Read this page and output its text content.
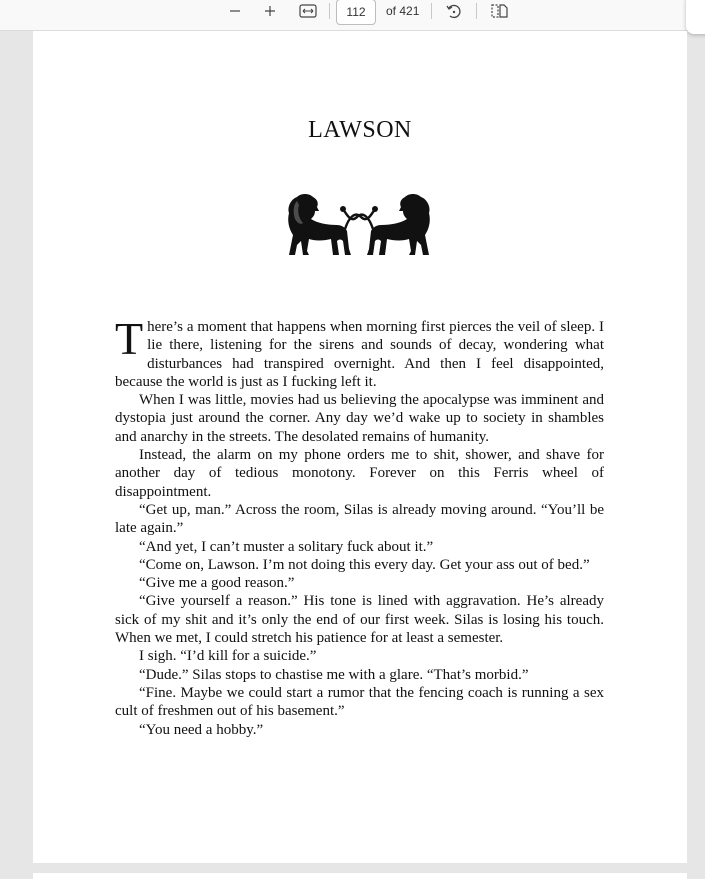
112
of 421
LAWSON

There’s a moment that happens when morning first pierces the veil of sleep. I lie there, listening for the sirens and sounds of decay, wondering what disturbances had transpired overnight. And then I feel disappointed, because the world is just as I fucking left it.

When I was little, movies had us believing the apocalypse was imminent and dystopia just around the corner. Any day we’d wake up to society in shambles and anarchy in the streets. The desolated remains of humanity.

Instead, the alarm on my phone orders me to shit, shower, and shave for another day of tedious monotony. Forever on this Ferris wheel of disappointment.

“Get up, man.” Across the room, Silas is already moving around. “You’ll be late again.”

“And yet, I can’t muster a solitary fuck about it.”

“Come on, Lawson. I’m not doing this every day. Get your ass out of bed.”

“Give me a good reason.”

“Give yourself a reason.” His tone is lined with aggravation. He’s already sick of my shit and it’s only the end of our first week. Silas is losing his touch. When we met, I could stretch his patience for at least a semester.

I sigh. “I’d kill for a suicide.”

“Dude.” Silas stops to chastise me with a glare. “That’s morbid.”

“Fine. Maybe we could start a rumor that the fencing coach is running a sex cult of freshmen out of his basement.”

“You need a hobby.”
